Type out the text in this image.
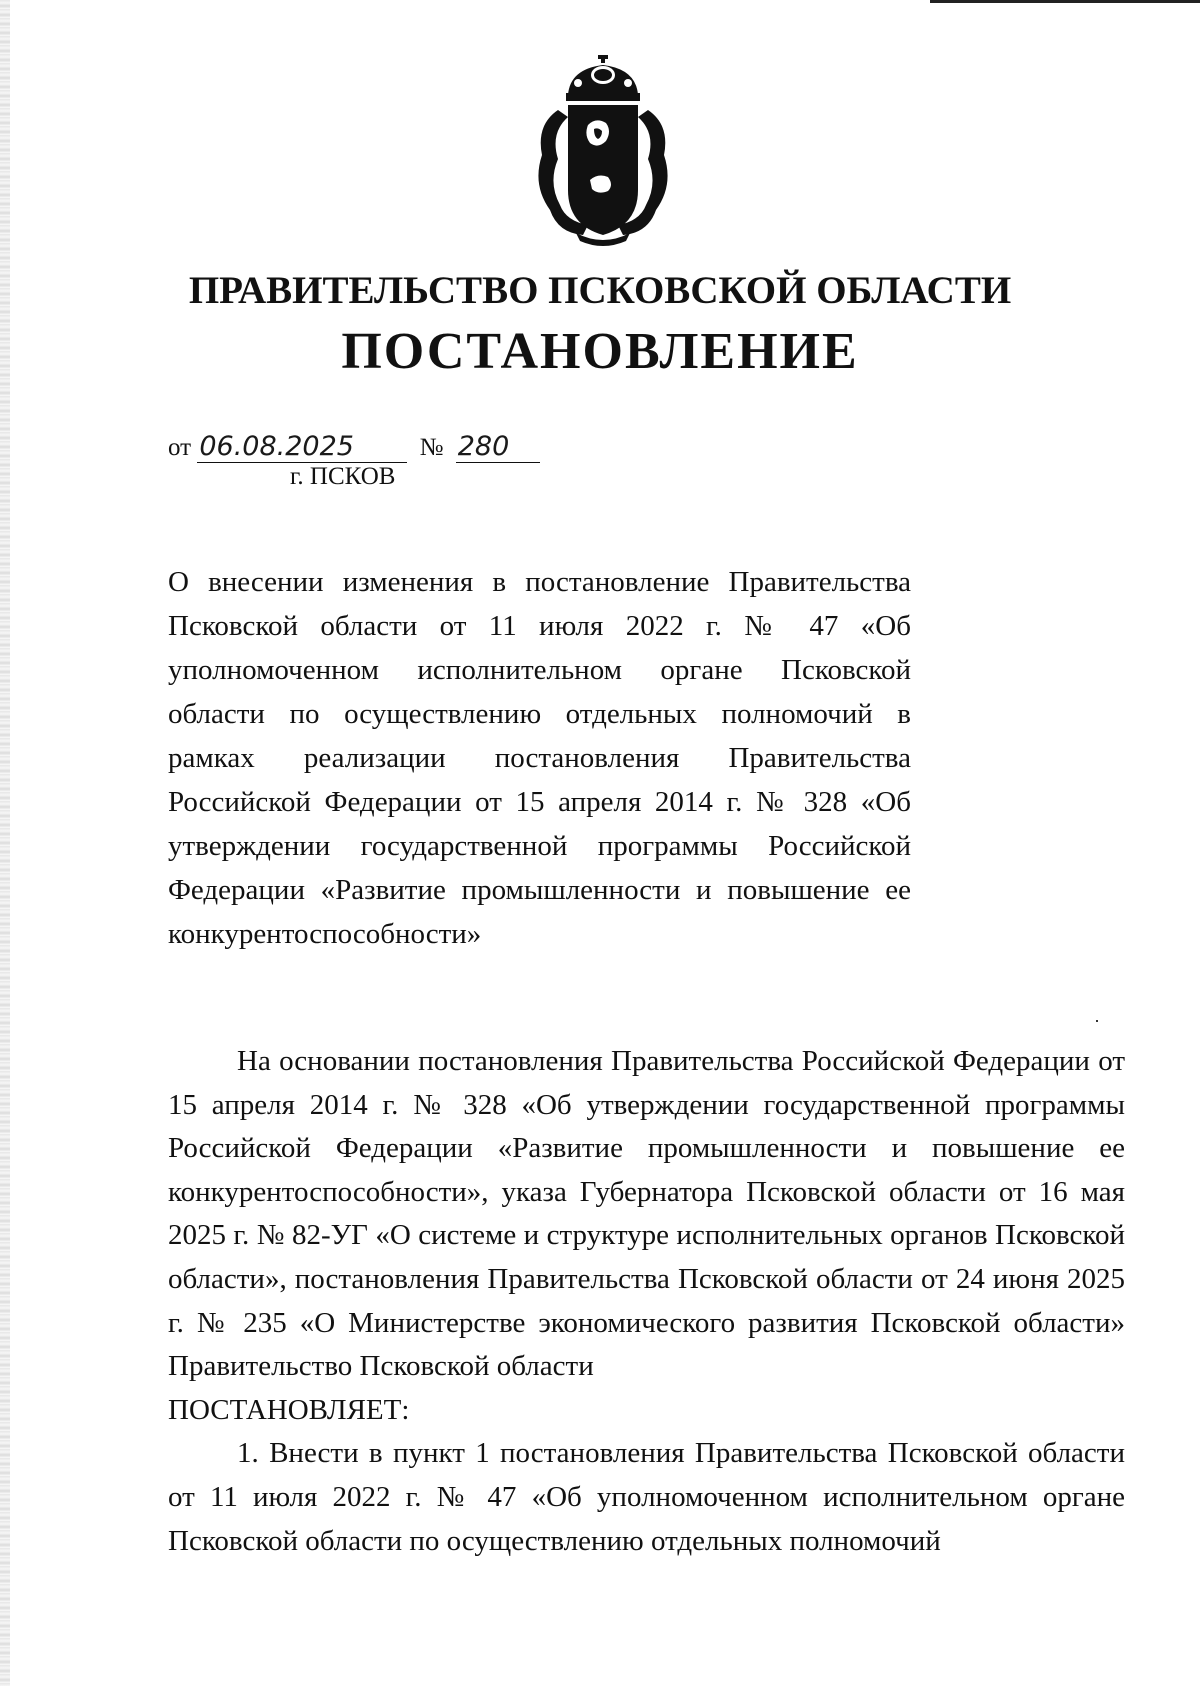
ПРАВИТЕЛЬСТВО ПСКОВСКОЙ ОБЛАСТИ
ПОСТАНОВЛЕНИЕ
от 06.08.2025	№ 280
г. ПСКОВ
О внесении изменения в постановление Правительства Псковской области от 11 июля 2022 г. № 47 «Об уполномоченном исполнительном органе Псковской области по осуществлению отдельных полномочий в рамках реализации постановления Правительства Российской Федерации от 15 апреля 2014 г. № 328 «Об утверждении государственной программы Российской Федерации «Развитие промышленности и повышение ее конкурентоспособности»

На основании постановления Правительства Российской Федерации от 15 апреля 2014 г. № 328 «Об утверждении государственной программы Российской Федерации «Развитие промышленности и повышение ее конкурентоспособности», указа Губернатора Псковской области от 16 мая 2025 г. № 82-УГ «О системе и структуре исполнительных органов Псковской области», постановления Правительства Псковской области от 24 июня 2025 г. № 235 «О Министерстве экономического развития Псковской области» Правительство Псковской области

ПОСТАНОВЛЯЕТ:

1. Внести в пункт 1 постановления Правительства Псковской области от 11 июля 2022 г. № 47 «Об уполномоченном исполнительном органе Псковской области по осуществлению отдельных полномочий
